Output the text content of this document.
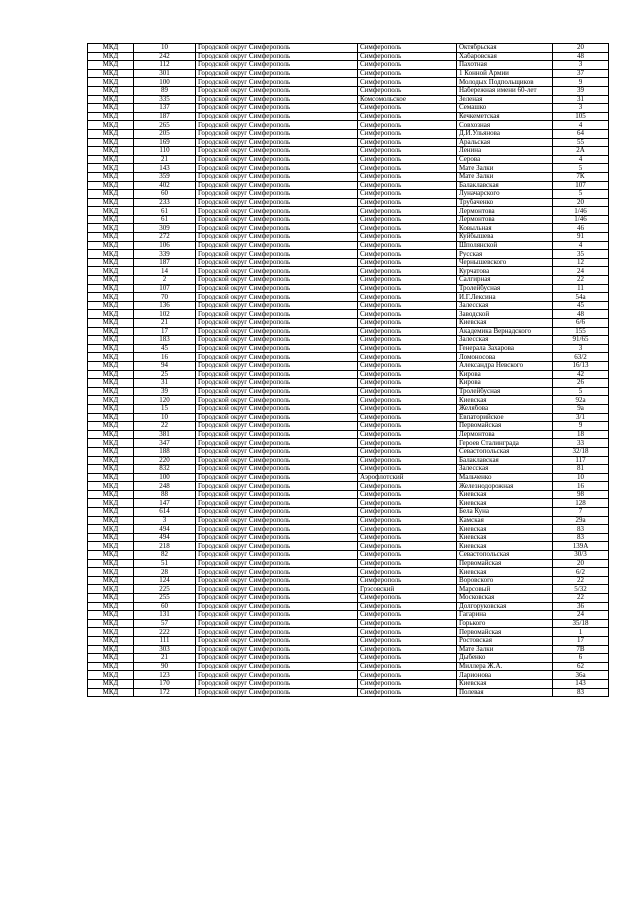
МКД	10	Городской округ Симферополь	Симферополь	Октябрьская	20
МКД	242	Городской округ Симферополь	Симферополь	Хабаровская	48
МКД	112	Городской округ Симферополь	Симферополь	Пахотная	3
МКД	301	Городской округ Симферополь	Симферополь	1 Конной Армии	37
МКД	100	Городской округ Симферополь	Симферополь	Молодых Подпольщиков	9
МКД	89	Городской округ Симферополь	Симферополь	Набережная имени 60-лет	39
МКД	335	Городской округ Симферополь	Комсомольское	Зеленая	31
МКД	137	Городской округ Симферополь	Симферополь	Семашко	3
МКД	187	Городской округ Симферополь	Симферополь	Кечкеметская	105
МКД	265	Городской округ Симферополь	Симферополь	Совхозная	4
МКД	205	Городской округ Симферополь	Симферополь	Д.И.Ульянова	64
МКД	169	Городской округ Симферополь	Симферополь	Аральская	55
МКД	110	Городской округ Симферополь	Симферополь	Ленина	2А
МКД	21	Городской округ Симферополь	Симферополь	Серова	4
МКД	143	Городской округ Симферополь	Симферополь	Мате Залки	5
МКД	359	Городской округ Симферополь	Симферополь	Мате Залки	7К
МКД	402	Городской округ Симферополь	Симферополь	Балаклавская	107
МКД	60	Городской округ Симферополь	Симферополь	Луначарского	5
МКД	233	Городской округ Симферополь	Симферополь	Трубаченко	20
МКД	61	Городской округ Симферополь	Симферополь	Лермонтова	1/46
МКД	61	Городской округ Симферополь	Симферополь	Лермонтова	1/46
МКД	309	Городской округ Симферополь	Симферополь	Ковыльная	46
МКД	272	Городской округ Симферополь	Симферополь	Куйбышева	91
МКД	106	Городской округ Симферополь	Симферополь	Шполянской	4
МКД	339	Городской округ Симферополь	Симферополь	Русская	35
МКД	187	Городской округ Симферополь	Симферополь	Чернышевского	12
МКД	14	Городской округ Симферополь	Симферополь	Курчатова	24
МКД	2	Городской округ Симферополь	Симферополь	Салгирная	22
МКД	107	Городской округ Симферополь	Симферополь	Тролейбусная	11
МКД	70	Городской округ Симферополь	Симферополь	И.Г.Лексина	54а
МКД	136	Городской округ Симферополь	Симферополь	Залесская	45
МКД	102	Городской округ Симферополь	Симферополь	Заводской	48
МКД	21	Городской округ Симферополь	Симферополь	Киевская	6/6
МКД	17	Городской округ Симферополь	Симферополь	Академика Вернадского	155
МКД	183	Городской округ Симферополь	Симферополь	Залесская	91/65
МКД	45	Городской округ Симферополь	Симферополь	Генерала Захарова	3
МКД	16	Городской округ Симферополь	Симферополь	Ломоносова	63/2
МКД	94	Городской округ Симферополь	Симферополь	Александра Невского	16/13
МКД	25	Городской округ Симферополь	Симферополь	Кирова	42
МКД	31	Городской округ Симферополь	Симферополь	Кирова	26
МКД	39	Городской округ Симферополь	Симферополь	Тролейбусная	5
МКД	120	Городской округ Симферополь	Симферополь	Киевская	92а
МКД	15	Городской округ Симферополь	Симферополь	Желябова	9а
МКД	10	Городской округ Симферополь	Симферополь	Евпаторийское	3/1
МКД	22	Городской округ Симферополь	Симферополь	Первомайская	9
МКД	381	Городской округ Симферополь	Симферополь	Лермонтова	18
МКД	347	Городской округ Симферополь	Симферополь	Героев Сталинграда	33
МКД	188	Городской округ Симферополь	Симферополь	Севастопольская	32/18
МКД	220	Городской округ Симферополь	Симферополь	Балаклавская	117
МКД	832	Городской округ Симферополь	Симферополь	Залесская	81
МКД	100	Городской округ Симферополь	Аэрофлотский	Мальченко	10
МКД	248	Городской округ Симферополь	Симферополь	Железнодорожная	16
МКД	88	Городской округ Симферополь	Симферополь	Киевская	98
МКД	147	Городской округ Симферополь	Симферополь	Киевская	128
МКД	614	Городской округ Симферополь	Симферополь	Бела Куна	7
МКД	3	Городской округ Симферополь	Симферополь	Камская	29а
МКД	494	Городской округ Симферополь	Симферополь	Киевская	83
МКД	494	Городской округ Симферополь	Симферополь	Киевская	83
МКД	218	Городской округ Симферополь	Симферополь	Киевская	139А
МКД	82	Городской округ Симферополь	Симферополь	Севастопольская	30/3
МКД	51	Городской округ Симферополь	Симферополь	Первомайская	20
МКД	28	Городской округ Симферополь	Симферополь	Киевская	6/2
МКД	124	Городской округ Симферополь	Симферополь	Воровского	22
МКД	225	Городской округ Симферополь	Грэсовский	Марсовый	5/32
МКД	255	Городской округ Симферополь	Симферополь	Московская	22
МКД	60	Городской округ Симферополь	Симферополь	Долгоруковская	36
МКД	131	Городской округ Симферополь	Симферополь	Гагарина	24
МКД	57	Городской округ Симферополь	Симферополь	Горького	35/18
МКД	222	Городской округ Симферополь	Симферополь	Первомайская	1
МКД	111	Городской округ Симферополь	Симферополь	Ростовская	17
МКД	303	Городской округ Симферополь	Симферополь	Мате Залки	7В
МКД	21	Городской округ Симферополь	Симферополь	Дыбенко	6
МКД	90	Городской округ Симферополь	Симферополь	Миллера Ж.А.	62
МКД	123	Городской округ Симферополь	Симферополь	Ларионова	36а
МКД	170	Городской округ Симферополь	Симферополь	Киевская	143
МКД	172	Городской округ Симферополь	Симферополь	Полевая	83
